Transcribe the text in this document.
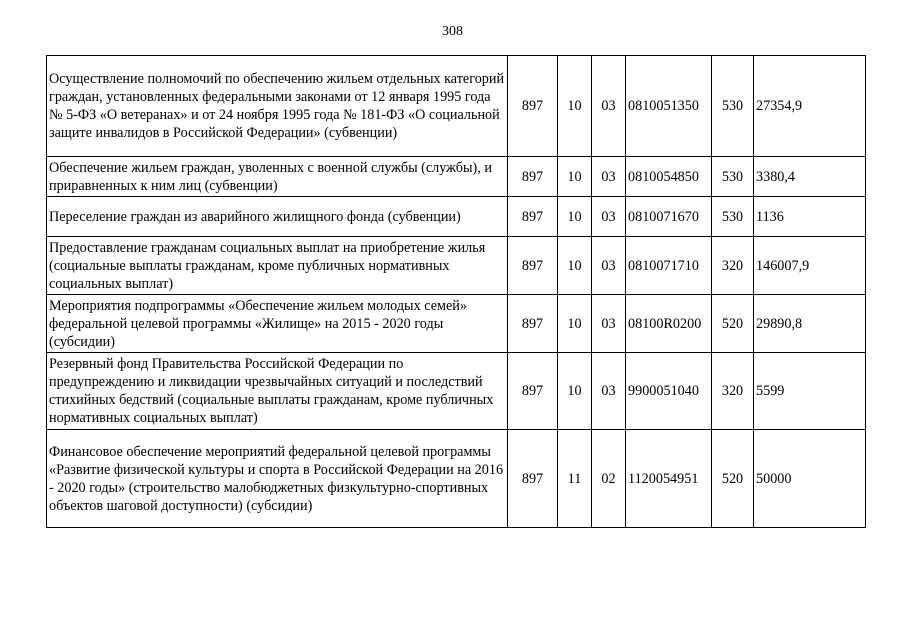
308
Осуществление полномочий по обеспечению жильем отдельных категорий граждан, установленных федеральными законами от 12 января 1995 года № 5-ФЗ «О ветеранах» и от 24 ноября 1995 года № 181-ФЗ «О социальной защите инвалидов в Российской Федерации» (субвенции)	897	10	03	0810051350	530	27354,9
Обеспечение жильем граждан, уволенных с военной службы (службы), и приравненных к ним лиц (субвенции)	897	10	03	0810054850	530	3380,4
Переселение граждан из аварийного жилищного фонда (субвенции)	897	10	03	0810071670	530	1136
Предоставление гражданам социальных выплат на приобретение жилья (социальные выплаты гражданам, кроме публичных нормативных социальных выплат)	897	10	03	0810071710	320	146007,9
Мероприятия подпрограммы «Обеспечение жильем молодых семей» федеральной целевой программы «Жилище» на 2015 - 2020 годы (субсидии)	897	10	03	08100R0200	520	29890,8
Резервный фонд Правительства Российской Федерации по предупреждению и ликвидации чрезвычайных ситуаций и последствий стихийных бедствий (социальные выплаты гражданам, кроме публичных нормативных социальных выплат)	897	10	03	9900051040	320	5599
Финансовое обеспечение мероприятий федеральной целевой программы «Развитие физической культуры и спорта в Российской Федерации на 2016 - 2020 годы» (строительство малобюджетных физкультурно-спортивных объектов шаговой доступности) (субсидии)	897	11	02	1120054951	520	50000
